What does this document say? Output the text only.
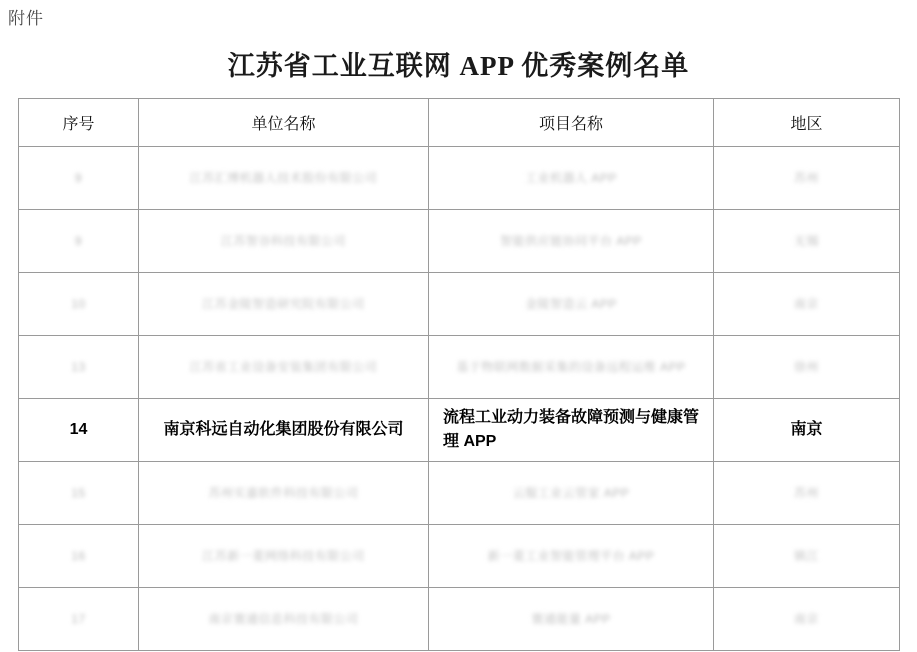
附件
江苏省工业互联网 APP 优秀案例名单
序号	单位名称	项目名称	地区
9	江苏汇博机器人技术股份有限公司	工业机器人 APP	苏州
9	江苏智谷科技有限公司	智能供应链协同平台 APP	无锡
10	江苏金陵智造研究院有限公司	金陵智造云 APP	南京
13	江苏省工业设备安装集团有限公司	基于物联网数据采集的设备远程运维 APP	徐州
14	南京科远自动化集团股份有限公司	流程工业动力装备故障预测与健康管理 APP	南京
15	苏州实嘉软件科技有限公司	云服工业云管家 APP	苏州
16	江苏新一菱网络科技有限公司	新一菱工业智能管理平台 APP	镇江
17	南京寰通信息科技有限公司	寰通能量 APP	南京
